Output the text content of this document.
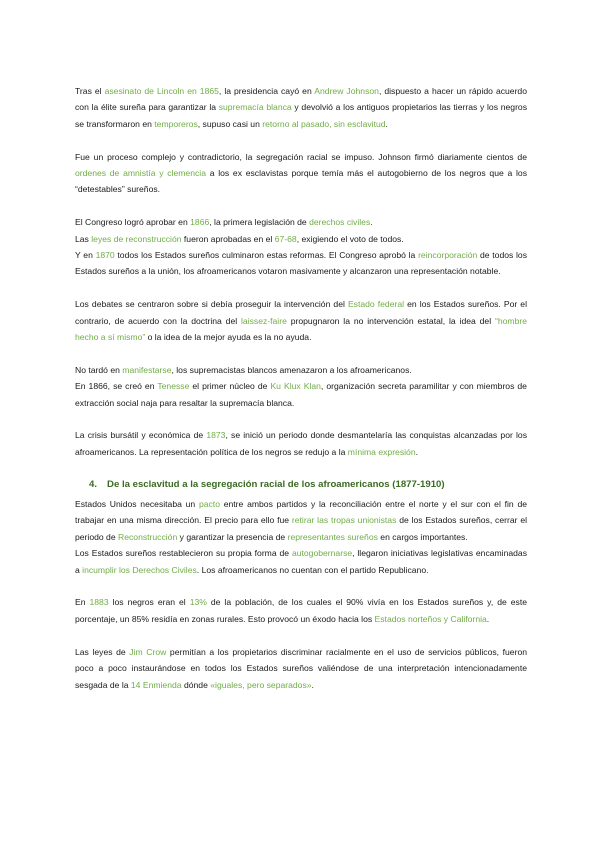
Tras el asesinato de Lincoln en 1865, la presidencia cayó en Andrew Johnson, dispuesto a hacer un rápido acuerdo con la élite sureña para garantizar la supremacía blanca y devolvió a los antiguos propietarios las tierras y los negros se transformaron en temporeros, supuso casi un retorno al pasado, sin esclavitud.
Fue un proceso complejo y contradictorio, la segregación racial se impuso. Johnson firmó diariamente cientos de ordenes de amnistía y clemencia a los ex esclavistas porque temía más el autogobierno de los negros que a los “detestables” sureños.
El Congreso logró aprobar en 1866, la primera legislación de derechos civiles.
Las leyes de reconstrucción fueron aprobadas en el 67-68, exigiendo el voto de todos.
Y en 1870 todos los Estados sureños culminaron estas reformas. El Congreso aprobó la reincorporación de todos los Estados sureños a la unión, los afroamericanos votaron masivamente y alcanzaron una representación notable.
Los debates se centraron sobre si debía proseguir la intervención del Estado federal en los Estados sureños. Por el contrario, de acuerdo con la doctrina del laissez-faire propugnaron la no intervención estatal, la idea del “hombre hecho a sí mismo” o la idea de la mejor ayuda es la no ayuda.
No tardó en manifestarse, los supremacistas blancos amenazaron a los afroamericanos.
En 1866, se creó en Tenesse el primer núcleo de Ku Klux Klan, organización secreta paramilitar y con miembros de extracción social naja para resaltar la supremacía blanca.
La crisis bursátil y económica de 1873, se inició un periodo donde desmantelaría las conquistas alcanzadas por los afroamericanos. La representación política de los negros se redujo a la mínima expresión.
4. De la esclavitud a la segregación racial de los afroamericanos (1877-1910)
Estados Unidos necesitaba un pacto entre ambos partidos y la reconciliación entre el norte y el sur con el fin de trabajar en una misma dirección. El precio para ello fue retirar las tropas unionistas de los Estados sureños, cerrar el periodo de Reconstrucción y garantizar la presencia de representantes sureños en cargos importantes.
Los Estados sureños restablecieron su propia forma de autogobernarse, llegaron iniciativas legislativas encaminadas a incumplir los Derechos Civiles. Los afroamericanos no cuentan con el partido Republicano.
En 1883 los negros eran el 13% de la población, de los cuales el 90% vivía en los Estados sureños y, de este porcentaje, un 85% residía en zonas rurales. Esto provocó un éxodo hacia los Estados norteños y California.
Las leyes de Jim Crow permitían a los propietarios discriminar racialmente en el uso de servicios públicos, fueron poco a poco instaurándose en todos los Estados sureños valiéndose de una interpretación intencionadamente sesgada de la 14 Enmienda dónde «iguales, pero separados».
